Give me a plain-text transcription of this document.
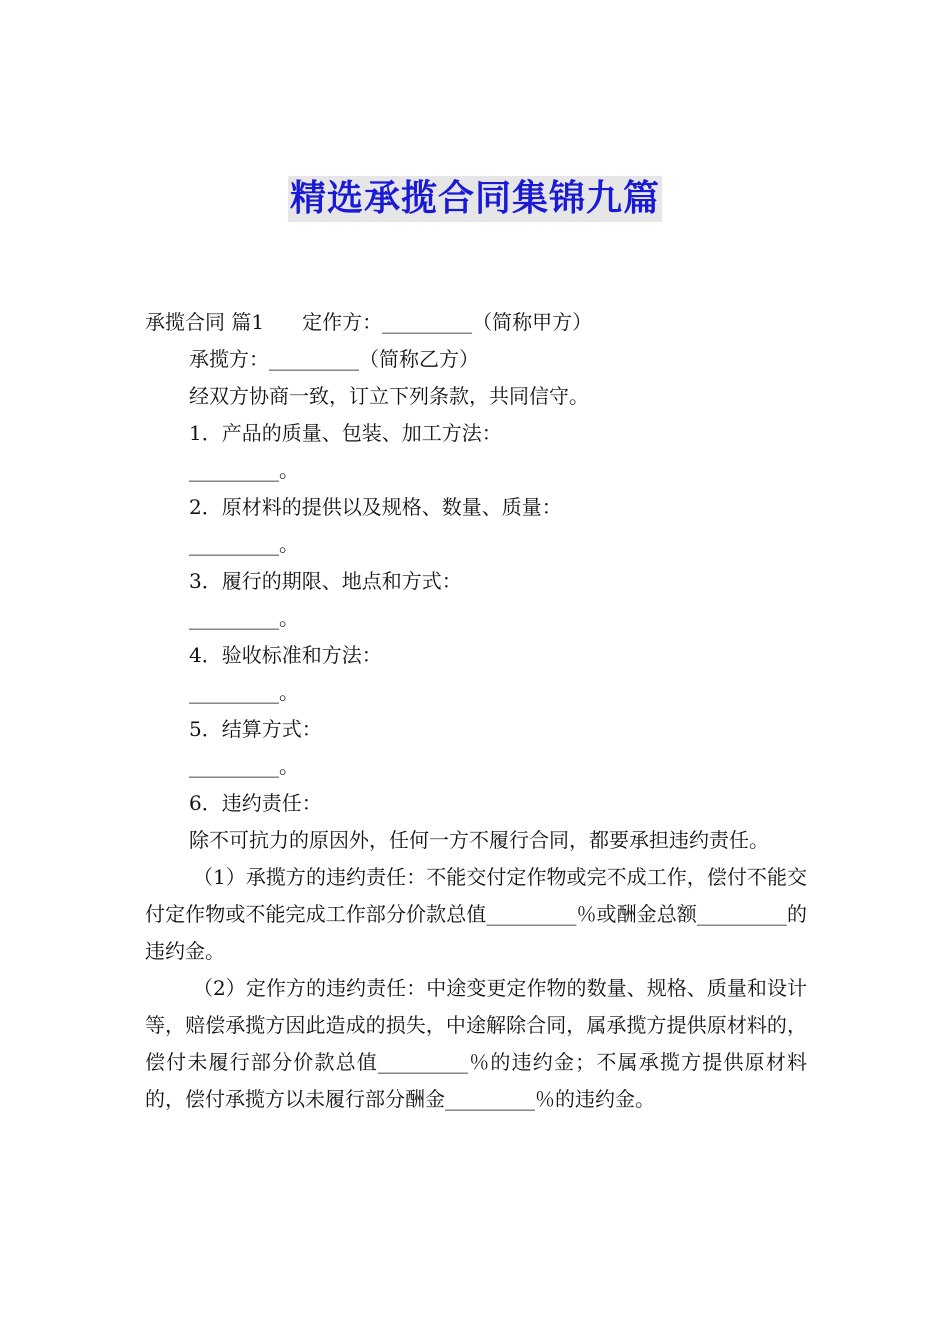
精选承揽合同集锦九篇
承揽合同 篇1 定作方：_________（简称甲方）
承揽方：_________（简称乙方）
经双方协商一致，订立下列条款，共同信守。
1．产品的质量、包装、加工方法：
_________。
2．原材料的提供以及规格、数量、质量：
_________。
3．履行的期限、地点和方式：
_________。
4．验收标准和方法：
_________。
5．结算方式：
_________。
6．违约责任：
除不可抗力的原因外，任何一方不履行合同，都要承担违约责任。
（1）承揽方的违约责任：不能交付定作物或完不成工作，偿付不能交付定作物或不能完成工作部分价款总值_________％或酬金总额_________的违约金。
（2）定作方的违约责任：中途变更定作物的数量、规格、质量和设计等，赔偿承揽方因此造成的损失，中途解除合同，属承揽方提供原材料的，偿付未履行部分价款总值_________％的违约金；不属承揽方提供原材料的，偿付承揽方以未履行部分酬金_________％的违约金。
